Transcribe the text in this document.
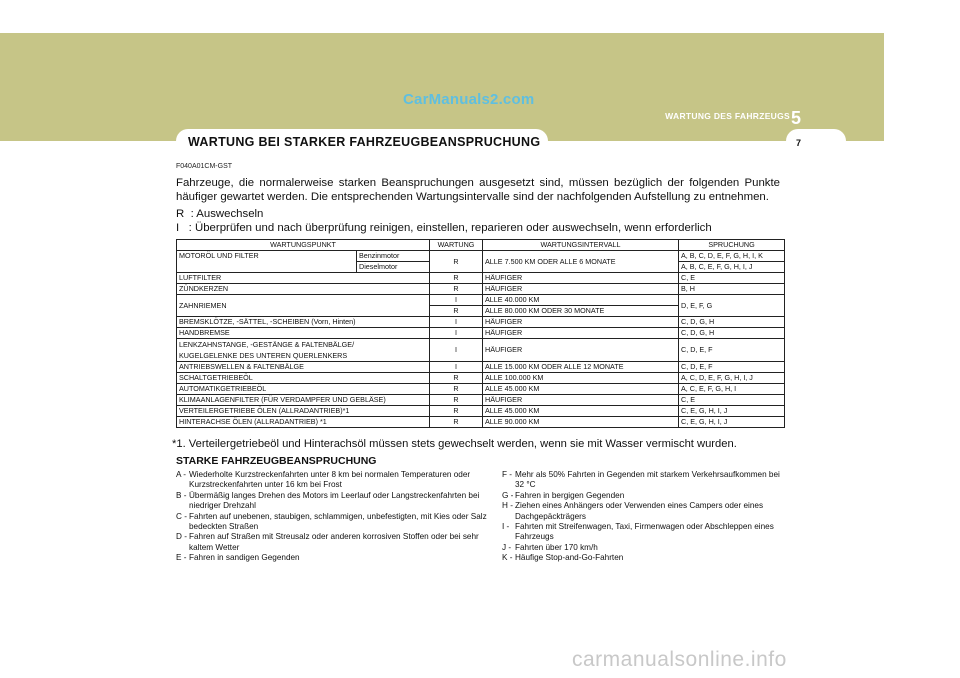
CarManuals2.com
WARTUNG DES FAHRZEUGS 5
WARTUNG BEI STARKER FAHRZEUGBEANSPRUCHUNG	7
F040A01CM-GST
Fahrzeuge, die normalerweise starken Beanspruchungen ausgesetzt sind, müssen bezüglich der folgenden Punkte häufiger gewartet werden. Die entsprechenden Wartungsintervalle sind der nachfolgenden Aufstellung zu entnehmen.
R : Auswechseln
I : Überprüfen und nach überprüfung reinigen, einstellen, reparieren oder auswechseln, wenn erforderlich
WARTUNGSPUNKT		WARTUNG	WARTUNGSINTERVALL	SPRUCHUNG
MOTORÖL UND FILTER	Benzinmotor	R	ALLE 7.500 KM ODER ALLE 6 MONATE	A, B, C, D, E, F, G, H, I, K
	Dieselmotor			A, B, C, E, F, G, H, I, J
LUFTFILTER		R	HÄUFIGER	C, E
ZÜNDKERZEN		R	HÄUFIGER	B, H
ZAHNRIEMEN		I	ALLE 40.000 KM	D, E, F, G
		R	ALLE 80.000 KM ODER 30 MONATE	
BREMSKLÖTZE, -SÄTTEL, -SCHEIBEN (Vorn, Hinten)		I	HÄUFIGER	C, D, G, H
HANDBREMSE		I	HÄUFIGER	C, D, G, H

LENKZAHNSTANGE, -GESTÄNGE & FALTENBÄLGE/
KUGELGELENKE DES UNTEREN QUERLENKERS		I	HÄUFIGER	C, D, E, F
ANTRIEBSWELLEN & FALTENBÄLGE		I	ALLE 15.000 KM ODER ALLE 12 MONATE	C, D, E, F
SCHALTGETRIEBEÖL		R	ALLE 100.000 KM	A, C, D, E, F, G, H, I, J
AUTOMATIKGETRIEBEÖL		R	ALLE 45.000 KM	A, C, E, F, G, H, I
KLIMAANLAGENFILTER (FÜR VERDAMPFER UND GEBLÄSE)		R	HÄUFIGER	C, E
VERTEILERGETRIEBE ÖLEN (ALLRADANTRIEB)*1		R	ALLE 45.000 KM	C, E, G, H, I, J
HINTERACHSE ÖLEN (ALLRADANTRIEB) *1		R	ALLE 90.000 KM	C, E, G, H, I, J
*1. Verteilergetriebeöl und Hinterachsöl müssen stets gewechselt werden, wenn sie mit Wasser vermischt wurden.
STARKE FAHRZEUGBEANSPRUCHUNG
A - Wiederholte Kurzstreckenfahrten unter 8 km bei normalen Temperaturen oder Kurzstreckenfahrten unter 16 km bei Frost
B - Übermäßig langes Drehen des Motors im Leerlauf oder Langstreckenfahrten bei niedriger Drehzahl
C - Fahrten auf unebenen, staubigen, schlammigen, unbefestigten, mit Kies oder Salz bedeckten Straßen
D - Fahren auf Straßen mit Streusalz oder anderen korrosiven Stoffen oder bei sehr kaltem Wetter
E - Fahren in sandigen Gegenden
F - Mehr als 50% Fahrten in Gegenden mit starkem Verkehrsaufkommen bei 32 °C
G - Fahren in bergigen Gegenden
H - Ziehen eines Anhängers oder Verwenden eines Campers oder eines Dachgepäckträgers
I - Fahrten mit Streifenwagen, Taxi, Firmenwagen oder Abschleppen eines Fahrzeugs
J - Fahrten über 170 km/h
K - Häufige Stop-and-Go-Fahrten
carmanualsonline.info
